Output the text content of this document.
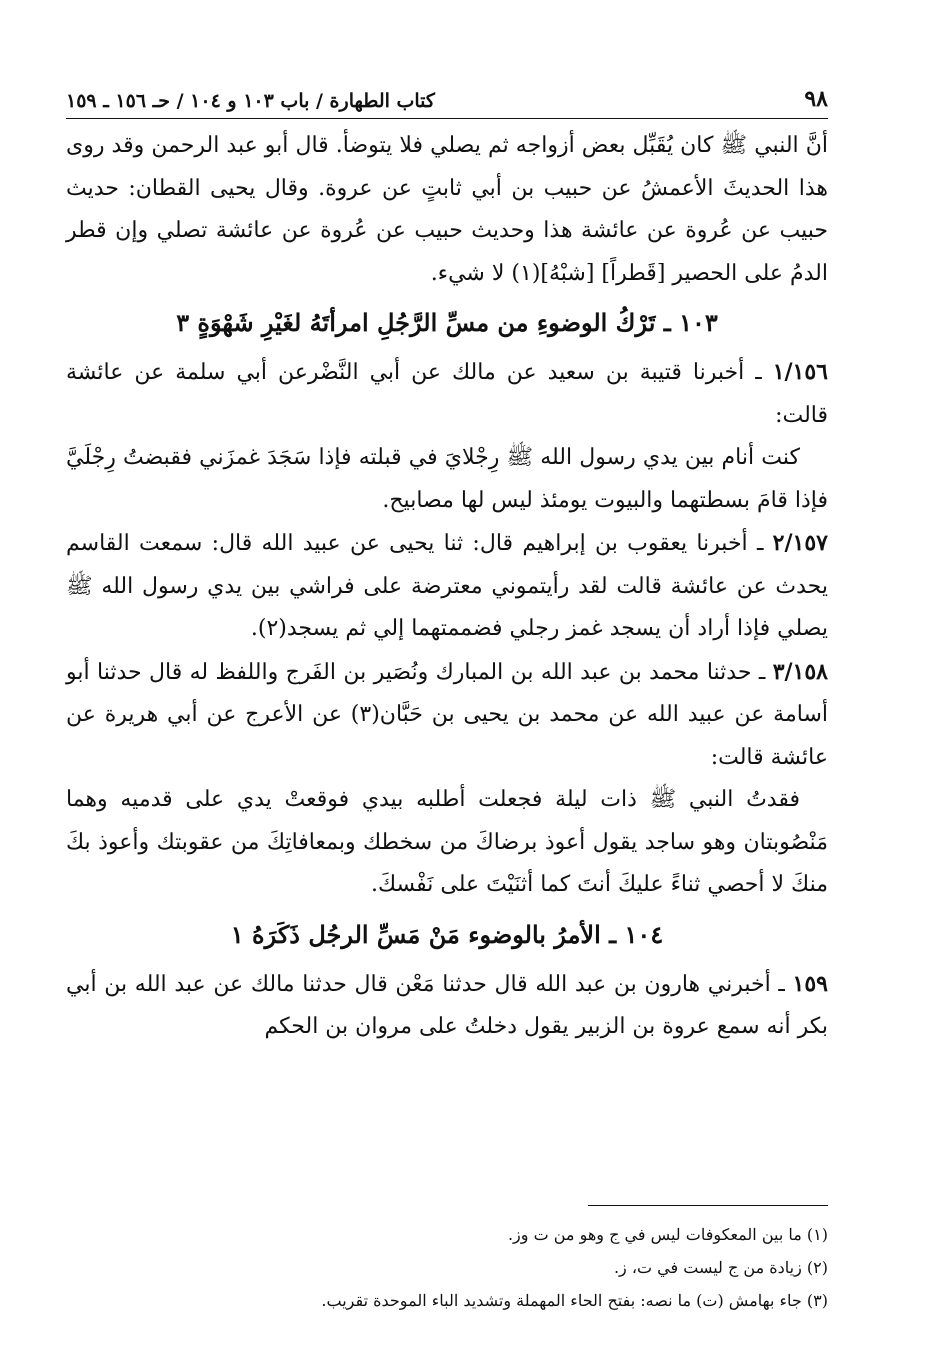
٩٨
كتاب الطهارة / باب ١٠٣ و ١٠٤ / حـ ١٥٦ ـ ١٥٩

أنَّ النبي ﷺ كان يُقَبِّل بعض أزواجه ثم يصلي فلا يتوضأ. قال أبو عبد الرحمن وقد روى هذا الحديثَ الأعمشُ عن حبيب بن أبي ثابتٍ عن عروة. وقال يحيى القطان: حديث حبيب عن عُروة عن عائشة هذا وحديث حبيب عن عُروة عن عائشة تصلي وإن قطر الدمُ على الحصير [قَطراً] [شبْهُ](١) لا شيء.

١٠٣ ـ تَرْكُ الوضوءِ من مسِّ الرَّجُلِ امرأتَهُ لغَيْرِ شَهْوَةٍ ٣

١/١٥٦ ـ أخبرنا قتيبة بن سعيد عن مالك عن أبي النَّضْرعن أبي سلمة عن عائشة قالت:

كنت أنام بين يدي رسول الله ﷺ رِجْلايَ في قبلته فإذا سَجَدَ غمزَني فقبضتُ رِجْلَيَّ فإذا قامَ بسطتهما والبيوت يومئذ ليس لها مصابيح.

٢/١٥٧ ـ أخبرنا يعقوب بن إبراهيم قال: ثنا يحيى عن عبيد الله قال: سمعت القاسم يحدث عن عائشة قالت لقد رأيتموني معترضة على فراشي بين يدي رسول الله ﷺ يصلي فإذا أراد أن يسجد غمز رجلي فضممتهما إلي ثم يسجد(٢).

٣/١٥٨ ـ حدثنا محمد بن عبد الله بن المبارك ونُصَير بن الفَرج واللفظ له قال حدثنا أبو أسامة عن عبيد الله عن محمد بن يحيى بن حَبَّان(٣) عن الأعرج عن أبي هريرة عن عائشة قالت:

فقدتُ النبي ﷺ ذات ليلة فجعلت أطلبه بيدي فوقعتْ يدي على قدميه وهما مَنْصُوبتان وهو ساجد يقول أعوذ برضاكَ من سخطك وبمعافاتِكَ من عقوبتك وأعوذ بكَ منكَ لا أحصي ثناءً عليكَ أنتَ كما أثنَيْتَ على نَفْسكَ.

١٠٤ ـ الأمرُ بالوضوء مَنْ مَسِّ الرجُل ذَكَرَهُ ١

١٥٩ ـ أخبرني هارون بن عبد الله قال حدثنا مَعْن قال حدثنا مالك عن عبد الله بن أبي بكر أنه سمع عروة بن الزبير يقول دخلتُ على مروان بن الحكم

(١) ما بين المعكوفات ليس في ج وهو من ت وز.

(٢) زيادة من ج ليست في ت، ز.

(٣) جاء بهامش (ت) ما نصه: بفتح الحاء المهملة وتشديد الباء الموحدة تقريب.
